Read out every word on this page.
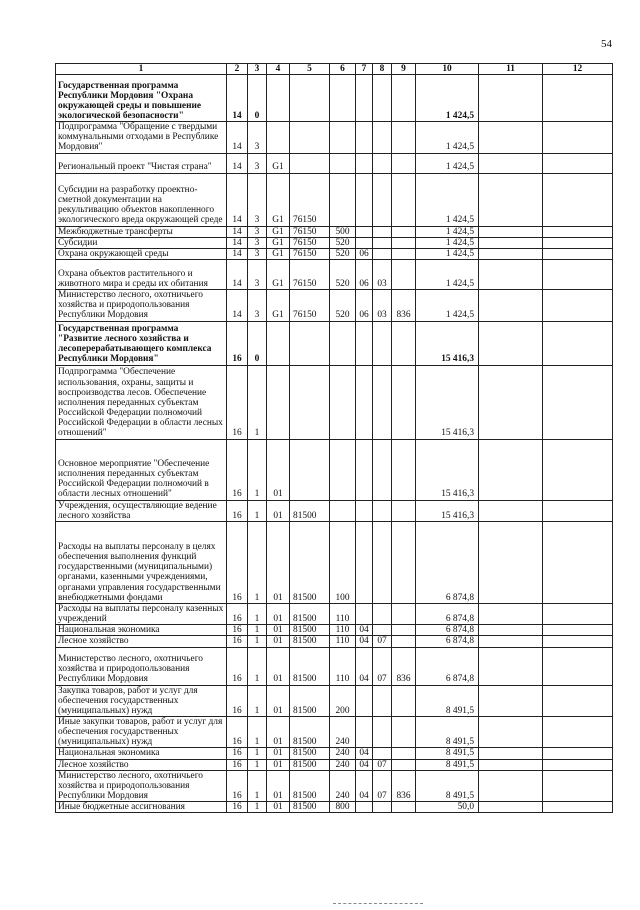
54
1	2	3	4	5	6	7	8	9	10	11	12
Государственная программа Республики Мордовия "Охрана окружающей среды и повышение экологической безопасности"	14	0							1 424,5		
Подпрограмма "Обращение с твердыми коммунальными отходами в Республике Мордовия"	14	3							1 424,5		
Региональный проект "Чистая страна"	14	3	G1						1 424,5		
Субсидии на разработку проектно-сметной документации на рекультивацию объектов накопленного экологического вреда окружающей среде	14	3	G1	76150					1 424,5		
Межбюджетные трансферты	14	3	G1	76150	500				1 424,5		
Субсидии	14	3	G1	76150	520				1 424,5		
Охрана окружающей среды	14	3	G1	76150	520	06			1 424,5		
Охрана объектов растительного и животного мира и среды их обитания	14	3	G1	76150	520	06	03		1 424,5		
Министерство лесного, охотничьего хозяйства и природопользования Республики Мордовия	14	3	G1	76150	520	06	03	836	1 424,5		
Государственная программа "Развитие лесного хозяйства и лесоперерабатывающего комплекса Республики Мордовия"	16	0							15 416,3		
Подпрограмма "Обеспечение использования, охраны, защиты и воспроизводства лесов. Обеспечение исполнения переданных субъектам Российской Федерации полномочий Российской Федерации в области лесных отношений"	16	1							15 416,3		
Основное мероприятие "Обеспечение исполнения переданных субъектам Российской Федерации полномочий в области лесных отношений"	16	1	01						15 416,3		
Учреждения, осуществляющие ведение лесного хозяйства	16	1	01	81500					15 416,3		
Расходы на выплаты персоналу в целях обеспечения выполнения функций государственными (муниципальными) органами, казенными учреждениями, органами управления государственными внебюджетными фондами	16	1	01	81500	100				6 874,8		
Расходы на выплаты персоналу казенных учреждений	16	1	01	81500	110				6 874,8		
Национальная экономика	16	1	01	81500	110	04			6 874,8		
Лесное хозяйство	16	1	01	81500	110	04	07		6 874,8		
Министерство лесного, охотничьего хозяйства и природопользования Республики Мордовия	16	1	01	81500	110	04	07	836	6 874,8		
Закупка товаров, работ и услуг для обеспечения государственных (муниципальных) нужд	16	1	01	81500	200				8 491,5		
Иные закупки товаров, работ и услуг для обеспечения государственных (муниципальных) нужд	16	1	01	81500	240				8 491,5		
Национальная экономика	16	1	01	81500	240	04			8 491,5		
Лесное хозяйство	16	1	01	81500	240	04	07		8 491,5		
Министерство лесного, охотничьего хозяйства и природопользования Республики Мордовия	16	1	01	81500	240	04	07	836	8 491,5		
Иные бюджетные ассигнования	16	1	01	81500	800				50,0		
